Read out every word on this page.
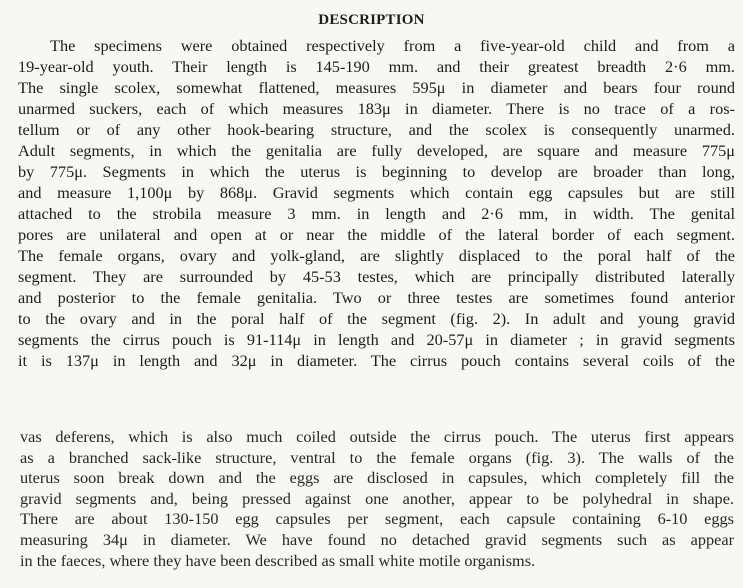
DESCRIPTION
The specimens were obtained respectively from a five-year-old child and from a
19-year-old youth. Their length is 145-190 mm. and their greatest breadth 2·6 mm.
The single scolex, somewhat flattened, measures 595μ in diameter and bears four round
unarmed suckers, each of which measures 183μ in diameter. There is no trace of a ros-
tellum or of any other hook-bearing structure, and the scolex is consequently unarmed.
Adult segments, in which the genitalia are fully developed, are square and measure 775μ
by 775μ. Segments in which the uterus is beginning to develop are broader than long,
and measure 1,100μ by 868μ. Gravid segments which contain egg capsules but are still
attached to the strobila measure 3 mm. in length and 2·6 mm, in width. The genital
pores are unilateral and open at or near the middle of the lateral border of each segment.
The female organs, ovary and yolk-gland, are slightly displaced to the poral half of the
segment. They are surrounded by 45-53 testes, which are principally distributed laterally
and posterior to the female genitalia. Two or three testes are sometimes found anterior
to the ovary and in the poral half of the segment (fig. 2). In adult and young gravid
segments the cirrus pouch is 91-114μ in length and 20-57μ in diameter ; in gravid segments
it is 137μ in length and 32μ in diameter. The cirrus pouch contains several coils of the
vas deferens, which is also much coiled outside the cirrus pouch. The uterus first appears
as a branched sack-like structure, ventral to the female organs (fig. 3). The walls of the
uterus soon break down and the eggs are disclosed in capsules, which completely fill the
gravid segments and, being pressed against one another, appear to be polyhedral in shape.
There are about 130-150 egg capsules per segment, each capsule containing 6-10 eggs
measuring 34μ in diameter. We have found no detached gravid segments such as appear
in the faeces, where they have been described as small white motile organisms.
